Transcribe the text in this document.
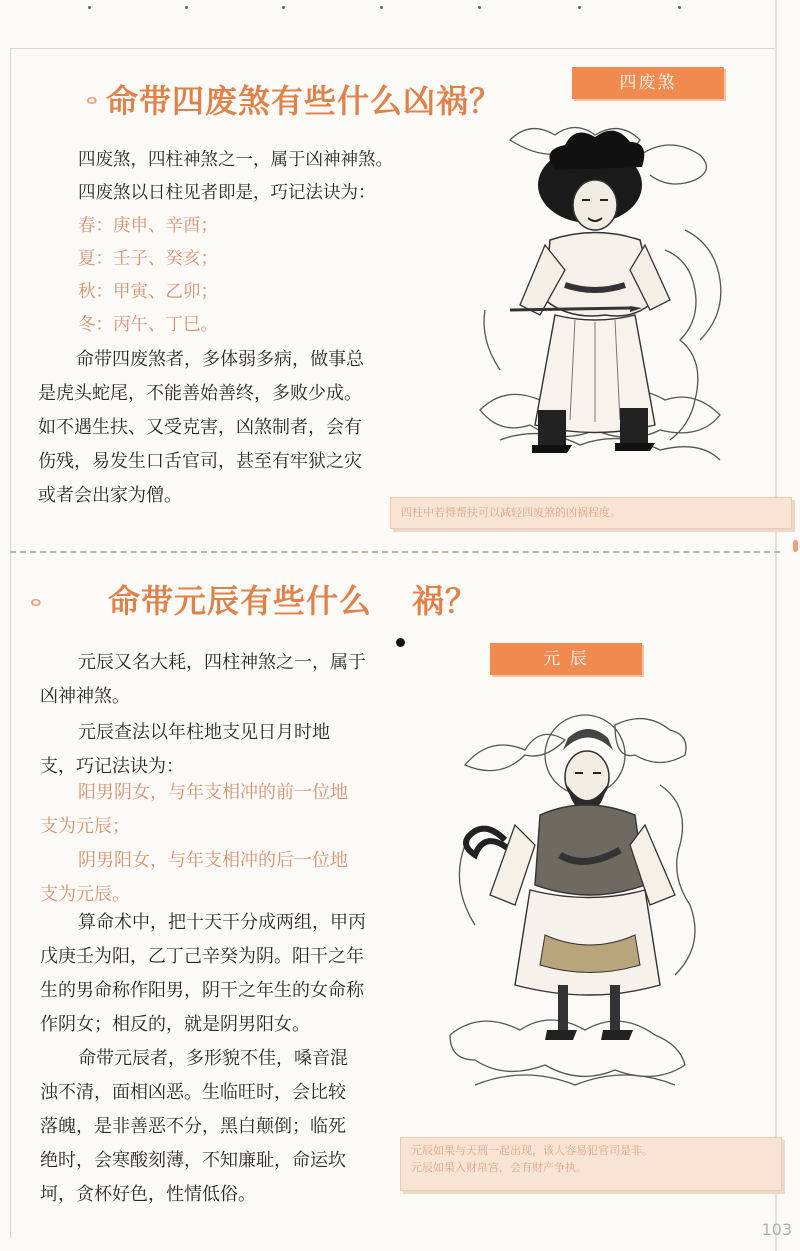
ⴰ 命带四废煞有些什么凶祸？	四废煞

四废煞，四柱神煞之一，属于凶神神煞。

四废煞以日柱见者即是，巧记法诀为：

春：庚申、辛酉；

夏：壬子、癸亥；

秋：甲寅、乙卯；

冬：丙午、丁巳。

命带四废煞者，多体弱多病，做事总

是虎头蛇尾，不能善始善终，多败少成。

如不遇生扶、又受克害，凶煞制者，会有

伤残，易发生口舌官司，甚至有牢狱之灾

或者会出家为僧。

四柱中若得帮扶可以减轻四废煞的凶祸程度。
ⴰ 命带元辰有些什么 祸？
元 辰

元辰又名大耗，四柱神煞之一，属于

凶神神煞。

元辰查法以年柱地支见日月时地

支，巧记法诀为：

阳男阴女，与年支相冲的前一位地

支为元辰；

阴男阳女，与年支相冲的后一位地

支为元辰。

算命术中，把十天干分成两组，甲丙

戊庚壬为阳，乙丁己辛癸为阴。阳干之年

生的男命称作阳男，阴干之年生的女命称

作阴女；相反的，就是阴男阳女。

命带元辰者，多形貌不佳，嗓音混

浊不清，面相凶恶。生临旺时，会比较

落魄，是非善恶不分，黑白颠倒；临死

绝时，会寒酸刻薄，不知廉耻，命运坎

坷，贪杯好色，性情低俗。

元辰如果与天刑一起出现，该人容易犯官司是非。
元辰如果入财帛宫，会有财产争执。
103
